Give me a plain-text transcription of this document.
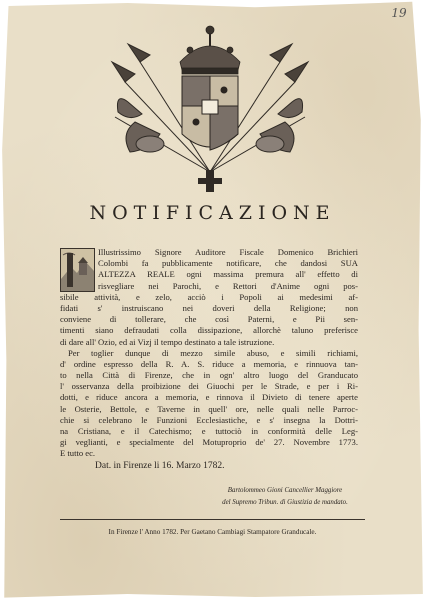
19
NOTIFICAZIONE
Illustrissimo Signore Auditore Fiscale Domenico Brichieri
Colombi fa pubblicamente notificare, che dandosi SUA
ALTEZZA REALE ogni massima premura all' effetto di
risvegliare nei Parochi, e Rettori d'Anime ogni pos-
sibile attività, e zelo, acciò i Popoli ai medesimi af-
fidati s' instruiscano nei doveri della Religione; non
conviene di tollerare, che così Paterni, e Pii sen-
timenti siano defraudati colla dissipazione, allorchè taluno preferisce
di dare all' Ozio, ed ai Vizj il tempo destinato a tale istruzione.
Per toglier dunque di mezzo simile abuso, e simili richiami,
d' ordine espresso della R. A. S. riduce a memoria, e rinnuova tan-
to nella Città di Firenze, che in ogn' altro luogo del Granducato
l' osservanza della proibizione dei Giuochi per le Strade, e per i Ri-
dotti, e riduce ancora a memoria, e rinnova il Divieto di tenere aperte
le Osterie, Bettole, e Taverne in quell' ore, nelle quali nelle Parroc-
chie si celebrano le Funzioni Ecclesiastiche, e s' insegna la Dottri-
na Cristiana, e il Catechismo; e tuttociò in conformità delle Leg-
gi veglianti, e specialmente del Motuproprio de' 27. Novembre 1773.
E tutto ec.
Dat. in Firenze li 16. Marzo 1782.
Bartolommeo Gioni Cancellier Maggiore
del Supremo Tribun. di Giustizia de mandato.
In Firenze l' Anno 1782. Per Gaetano Cambiagi Stampatore Granducale.
